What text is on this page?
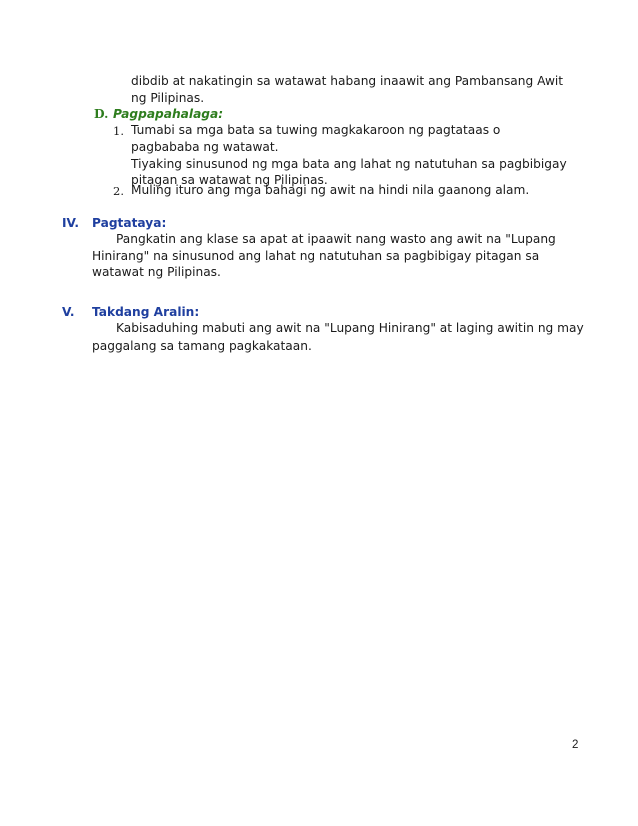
dibdib at nakatingin sa watawat habang inaawit ang Pambansang Awit
ng Pilipinas.
D. Pagpapahalaga:
1. Tumabi sa mga bata sa tuwing magkakaroon ng pagtataas o
pagbababa ng watawat.
Tiyaking sinusunod ng mga bata ang lahat ng natutuhan sa pagbibigay
pitagan sa watawat ng Pilipinas.
2. Muling ituro ang mga bahagi ng awit na hindi nila gaanong alam.
IV. Pagtataya:
Pangkatin ang klase sa apat at ipaawit nang wasto ang awit na "Lupang
Hinirang" na sinusunod ang lahat ng natutuhan sa pagbibigay pitagan sa
watawat ng Pilipinas.
V. Takdang Aralin:
Kabisaduhing mabuti ang awit na "Lupang Hinirang" at laging awitin ng may
paggalang sa tamang pagkakataan.
2
